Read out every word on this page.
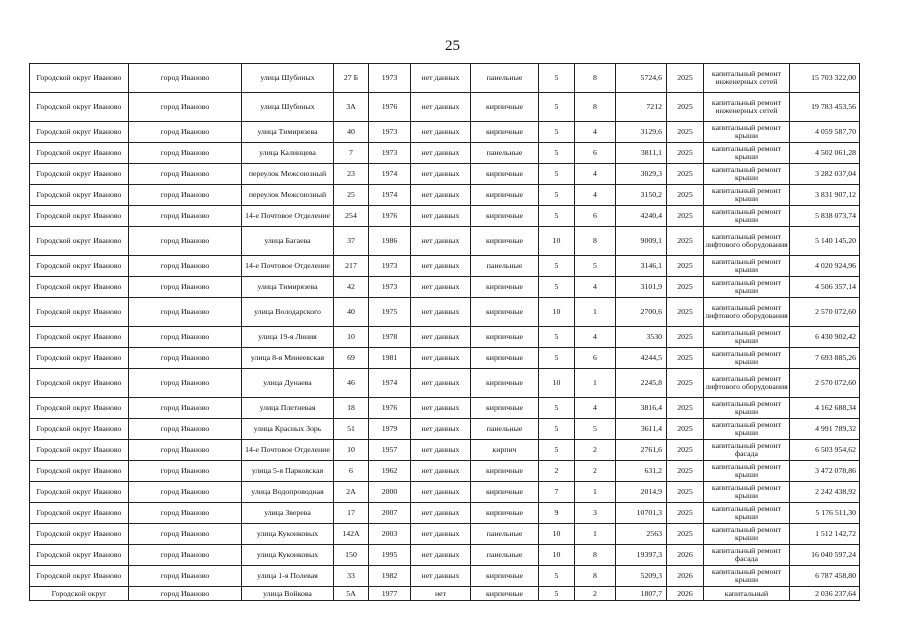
25
Городской округ Иваново	город Иваново	улица Шубиных	27 Б	1973	нет данных	панельные	5	8	5724,6	2025	капитальный ремонт инженерных сетей	15 703 322,00
Городской округ Иваново	город Иваново	улица Шубиных	3А	1976	нет данных	кирпичные	5	8	7212	2025	капитальный ремонт инженерных сетей	19 783 453,56
Городской округ Иваново	город Иваново	улица Тимирязева	40	1973	нет данных	кирпичные	5	4	3129,6	2025	капитальный ремонт крыши	4 059 587,70
Городской округ Иваново	город Иваново	улица Калинцева	7	1973	нет данных	панельные	5	6	3811,1	2025	капитальный ремонт крыши	4 502 061,28
Городской округ Иваново	город Иваново	переулок Межсоюзный	23	1974	нет данных	кирпичные	5	4	3029,3	2025	капитальный ремонт крыши	3 282 037,04
Городской округ Иваново	город Иваново	переулок Межсоюзный	25	1974	нет данных	кирпичные	5	4	3150,2	2025	капитальный ремонт крыши	3 831 907,12
Городской округ Иваново	город Иваново	14-е Почтовое Отделение	254	1976	нет данных	кирпичные	5	6	4240,4	2025	капитальный ремонт крыши	5 838 073,74
Городской округ Иваново	город Иваново	улица Багаева	37	1986	нет данных	кирпичные	10	8	9009,1	2025	капитальный ремонт лифтового оборудования	5 140 145,20
Городской округ Иваново	город Иваново	14-е Почтовое Отделение	217	1973	нет данных	панельные	5	5	3146,1	2025	капитальный ремонт крыши	4 020 924,96
Городской округ Иваново	город Иваново	улица Тимирязева	42	1973	нет данных	кирпичные	5	4	3101,9	2025	капитальный ремонт крыши	4 506 357,14
Городской округ Иваново	город Иваново	улица Володарского	40	1975	нет данных	кирпичные	10	1	2700,6	2025	капитальный ремонт лифтового оборудования	2 570 072,60
Городской округ Иваново	город Иваново	улица 19-я Линия	10	1978	нет данных	кирпичные	5	4	3530	2025	капитальный ремонт крыши	6 430 902,42
Городской округ Иваново	город Иваново	улица 8-я Минеевская	69	1981	нет данных	кирпичные	5	6	4244,5	2025	капитальный ремонт крыши	7 693 885,26
Городской округ Иваново	город Иваново	улица Дунаева	46	1974	нет данных	кирпичные	10	1	2245,8	2025	капитальный ремонт лифтового оборудования	2 570 072,60
Городской округ Иваново	город Иваново	улица Плетневая	18	1976	нет данных	кирпичные	5	4	3816,4	2025	капитальный ремонт крыши	4 162 688,34
Городской округ Иваново	город Иваново	улица Красных Зорь	51	1979	нет данных	панельные	5	5	3611,4	2025	капитальный ремонт крыши	4 991 789,32
Городской округ Иваново	город Иваново	14-е Почтовое Отделение	10	1957	нет данных	кирпич	5	2	2761,6	2025	капитальный ремонт фасада	6 503 954,62
Городской округ Иваново	город Иваново	улица 5-я Парковская	6	1962	нет данных	кирпичные	2	2	631,2	2025	капитальный ремонт крыши	3 472 078,86
Городской округ Иваново	город Иваново	улица Водопроводная	2А	2000	нет данных	кирпичные	7	1	2014,9	2025	капитальный ремонт крыши	2 242 438,92
Городской округ Иваново	город Иваново	улица Зверева	17	2007	нет данных	кирпичные	9	3	10701,3	2025	капитальный ремонт крыши	5 176 511,30
Городской округ Иваново	город Иваново	улица Куконковых	142А	2003	нет данных	панельные	10	1	2563	2025	капитальный ремонт крыши	1 512 142,72
Городской округ Иваново	город Иваново	улица Куконковых	150	1995	нет данных	панельные	10	8	19397,3	2026	капитальный ремонт фасада	16 040 597,24
Городской округ Иваново	город Иваново	улица 1-я Полевая	33	1982	нет данных	кирпичные	5	8	5209,3	2026	капитальный ремонт крыши	6 787 458,80
Городской округ	город Иваново	улица Войкова	5А	1977	нет	кирпичные	5	2	1807,7	2026	капитальный	2 036 237,64
